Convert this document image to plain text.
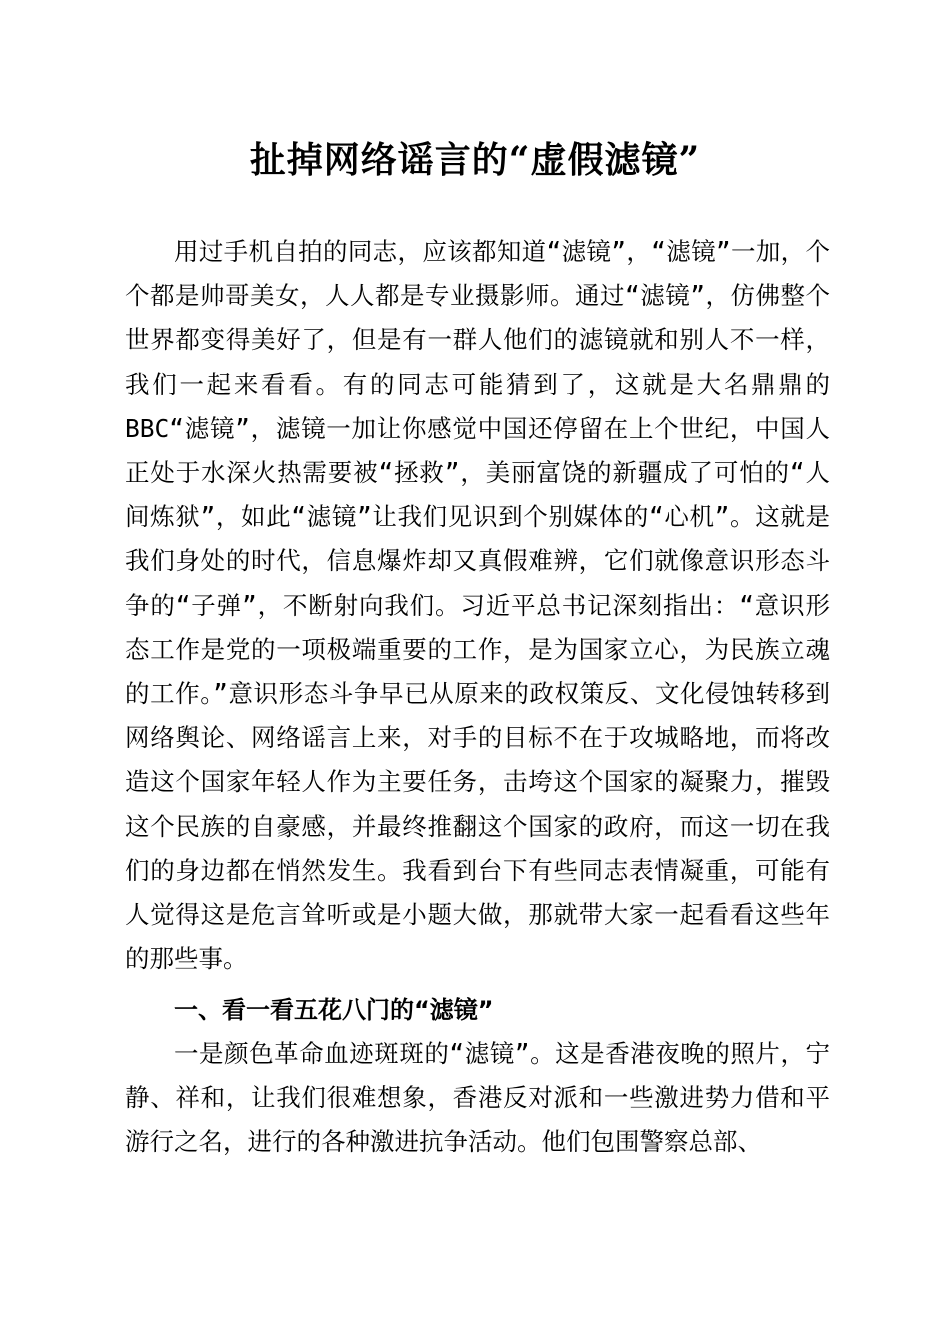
扯掉网络谣言的“虚假滤镜”

用过手机自拍的同志，应该都知道“滤镜”，“滤镜”一加，个个都是帅哥美女，人人都是专业摄影师。通过“滤镜”，仿佛整个世界都变得美好了，但是有一群人他们的滤镜就和别人不一样，我们一起来看看。有的同志可能猜到了，这就是大名鼎鼎的BBC“滤镜”，滤镜一加让你感觉中国还停留在上个世纪，中国人正处于水深火热需要被“拯救”，美丽富饶的新疆成了可怕的“人间炼狱”，如此“滤镜”让我们见识到个别媒体的“心机”。这就是我们身处的时代，信息爆炸却又真假难辨，它们就像意识形态斗争的“子弹”，不断射向我们。习近平总书记深刻指出：“意识形态工作是党的一项极端重要的工作，是为国家立心，为民族立魂的工作。”意识形态斗争早已从原来的政权策反、文化侵蚀转移到网络舆论、网络谣言上来，对手的目标不在于攻城略地，而将改造这个国家年轻人作为主要任务，击垮这个国家的凝聚力，摧毁这个民族的自豪感，并最终推翻这个国家的政府，而这一切在我们的身边都在悄然发生。我看到台下有些同志表情凝重，可能有人觉得这是危言耸听或是小题大做，那就带大家一起看看这些年的那些事。

一、看一看五花八门的“滤镜”

一是颜色革命血迹斑斑的“滤镜”。这是香港夜晚的照片，宁静、祥和，让我们很难想象，香港反对派和一些激进势力借和平游行之名，进行的各种激进抗争活动。他们包围警察总部、
